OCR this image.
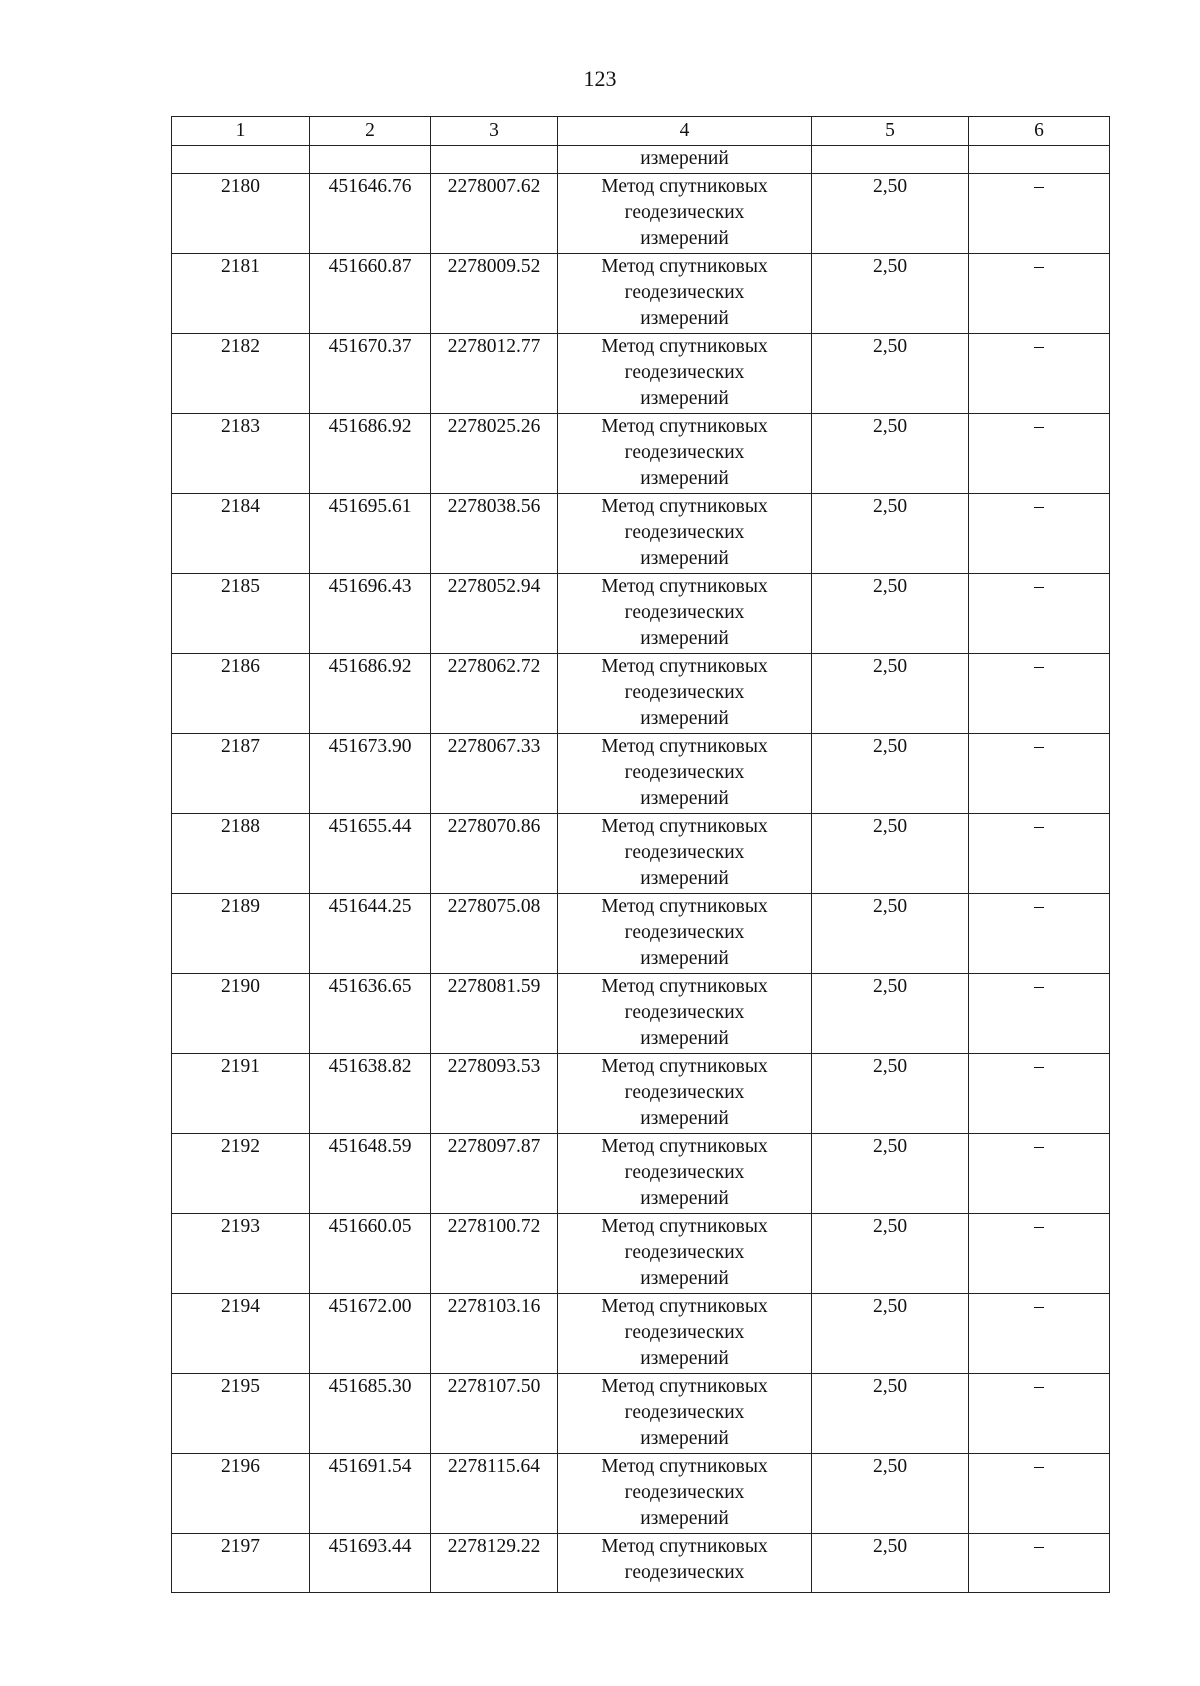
123
1	2	3	4	5	6
			измерений		
2180	451646.76	2278007.62	Метод спутниковых
геодезических
измерений	2,50	–
2181	451660.87	2278009.52	Метод спутниковых
геодезических
измерений	2,50	–
2182	451670.37	2278012.77	Метод спутниковых
геодезических
измерений	2,50	–
2183	451686.92	2278025.26	Метод спутниковых
геодезических
измерений	2,50	–
2184	451695.61	2278038.56	Метод спутниковых
геодезических
измерений	2,50	–
2185	451696.43	2278052.94	Метод спутниковых
геодезических
измерений	2,50	–
2186	451686.92	2278062.72	Метод спутниковых
геодезических
измерений	2,50	–
2187	451673.90	2278067.33	Метод спутниковых
геодезических
измерений	2,50	–
2188	451655.44	2278070.86	Метод спутниковых
геодезических
измерений	2,50	–
2189	451644.25	2278075.08	Метод спутниковых
геодезических
измерений	2,50	–
2190	451636.65	2278081.59	Метод спутниковых
геодезических
измерений	2,50	–
2191	451638.82	2278093.53	Метод спутниковых
геодезических
измерений	2,50	–
2192	451648.59	2278097.87	Метод спутниковых
геодезических
измерений	2,50	–
2193	451660.05	2278100.72	Метод спутниковых
геодезических
измерений	2,50	–
2194	451672.00	2278103.16	Метод спутниковых
геодезических
измерений	2,50	–
2195	451685.30	2278107.50	Метод спутниковых
геодезических
измерений	2,50	–
2196	451691.54	2278115.64	Метод спутниковых
геодезических
измерений	2,50	–
2197	451693.44	2278129.22	Метод спутниковых
геодезических	2,50	–
